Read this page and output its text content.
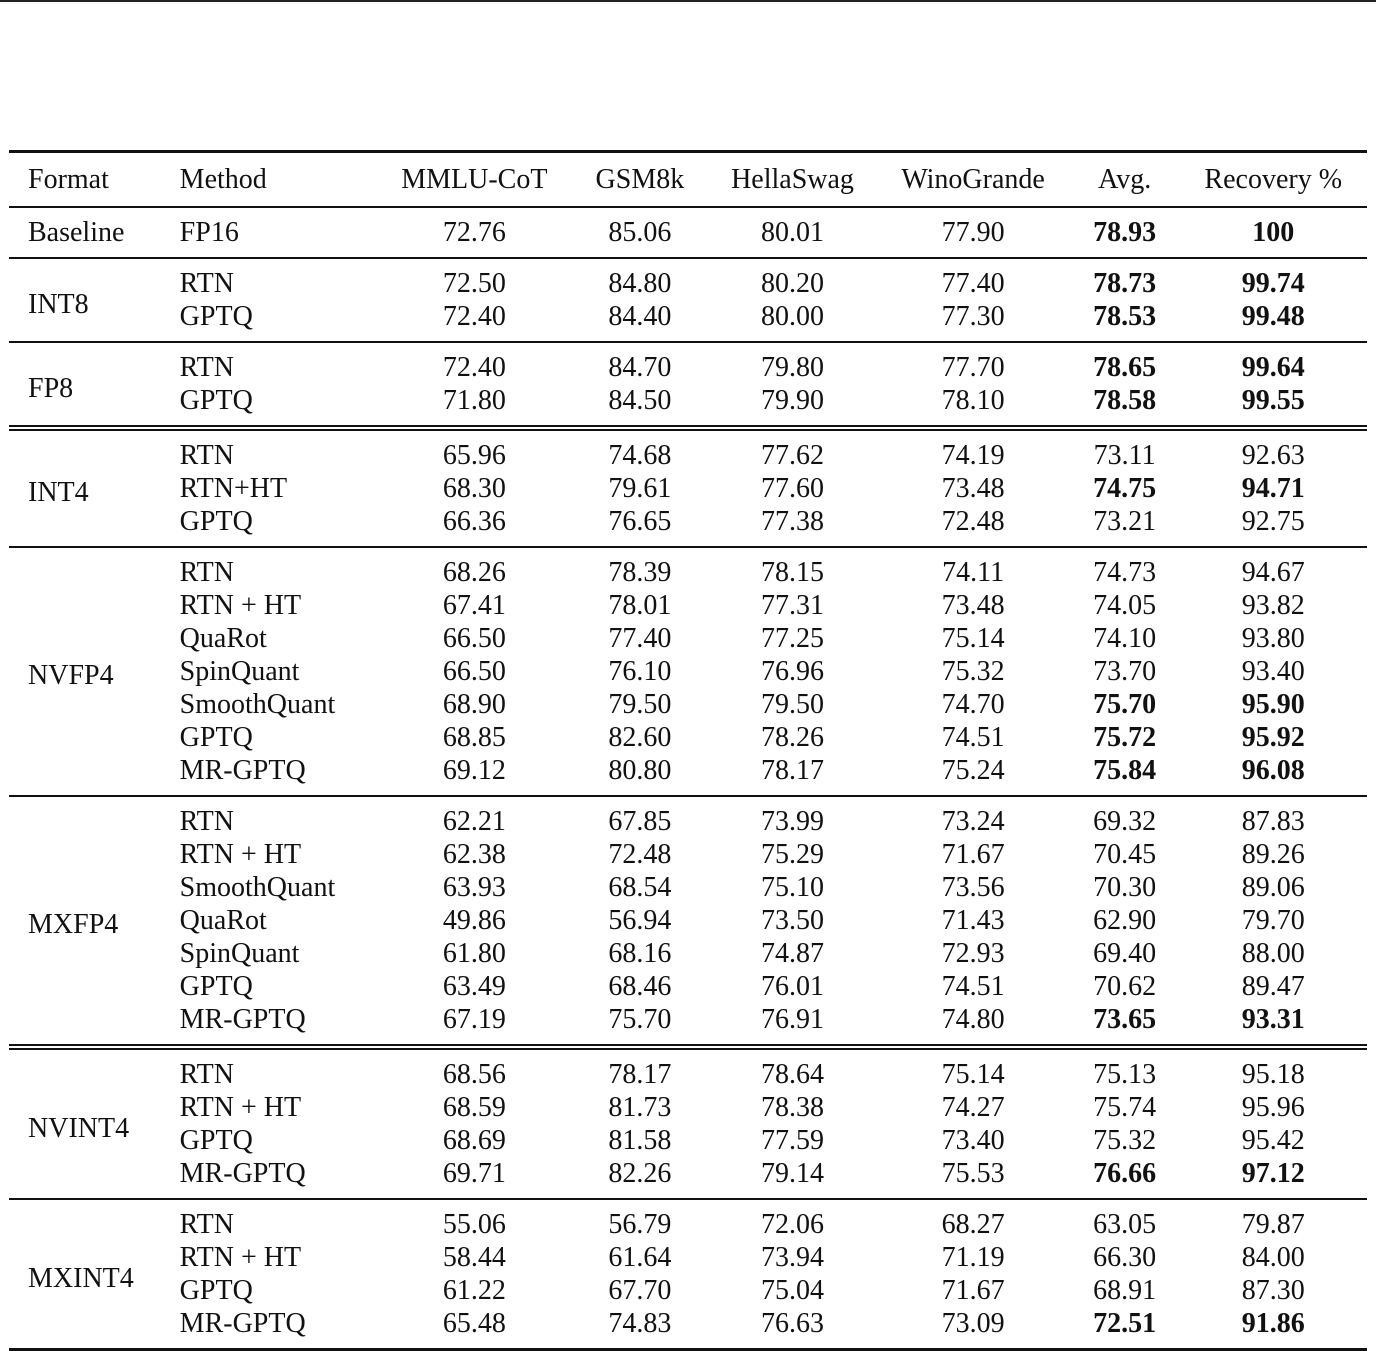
Format	Method	MMLU-CoT	GSM8k	HellaSwag	WinoGrande	Avg.	Recovery %
Baseline	FP16	72.76	85.06	80.01	77.90	78.93	100
INT8	RTN	72.50	84.80	80.20	77.40	78.73	99.74
	GPTQ	72.40	84.40	80.00	77.30	78.53	99.48
FP8	RTN	72.40	84.70	79.80	77.70	78.65	99.64
	GPTQ	71.80	84.50	79.90	78.10	78.58	99.55
INT4	RTN	65.96	74.68	77.62	74.19	73.11	92.63
	RTN+HT	68.30	79.61	77.60	73.48	74.75	94.71
	GPTQ	66.36	76.65	77.38	72.48	73.21	92.75
NVFP4	RTN	68.26	78.39	78.15	74.11	74.73	94.67
	RTN + HT	67.41	78.01	77.31	73.48	74.05	93.82
	QuaRot	66.50	77.40	77.25	75.14	74.10	93.80
	SpinQuant	66.50	76.10	76.96	75.32	73.70	93.40
	SmoothQuant	68.90	79.50	79.50	74.70	75.70	95.90
	GPTQ	68.85	82.60	78.26	74.51	75.72	95.92
	MR-GPTQ	69.12	80.80	78.17	75.24	75.84	96.08
MXFP4	RTN	62.21	67.85	73.99	73.24	69.32	87.83
	RTN + HT	62.38	72.48	75.29	71.67	70.45	89.26
	SmoothQuant	63.93	68.54	75.10	73.56	70.30	89.06
	QuaRot	49.86	56.94	73.50	71.43	62.90	79.70
	SpinQuant	61.80	68.16	74.87	72.93	69.40	88.00
	GPTQ	63.49	68.46	76.01	74.51	70.62	89.47
	MR-GPTQ	67.19	75.70	76.91	74.80	73.65	93.31
NVINT4	RTN	68.56	78.17	78.64	75.14	75.13	95.18
	RTN + HT	68.59	81.73	78.38	74.27	75.74	95.96
	GPTQ	68.69	81.58	77.59	73.40	75.32	95.42
	MR-GPTQ	69.71	82.26	79.14	75.53	76.66	97.12
MXINT4	RTN	55.06	56.79	72.06	68.27	63.05	79.87
	RTN + HT	58.44	61.64	73.94	71.19	66.30	84.00
	GPTQ	61.22	67.70	75.04	71.67	68.91	87.30
	MR-GPTQ	65.48	74.83	76.63	73.09	72.51	91.86
